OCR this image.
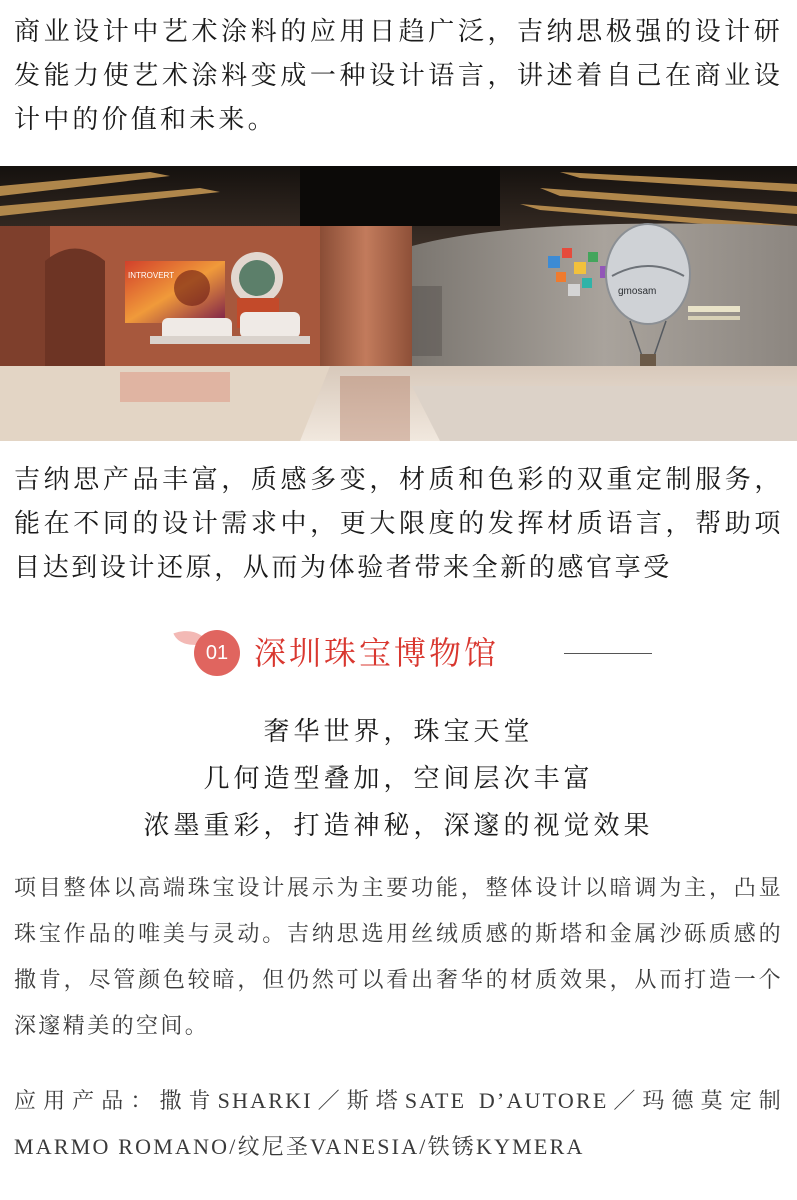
商业设计中艺术涂料的应用日趋广泛，吉纳思极强的设计研发能力使艺术涂料变成一种设计语言，讲述着自己在商业设计中的价值和未来。

INTROVERT
gmosam

吉纳思产品丰富，质感多变，材质和色彩的双重定制服务，能在不同的设计需求中，更大限度的发挥材质语言，帮助项目达到设计还原，从而为体验者带来全新的感官享受

01 深圳珠宝博物馆

奢华世界，珠宝天堂

几何造型叠加，空间层次丰富

浓墨重彩，打造神秘，深邃的视觉效果

项目整体以高端珠宝设计展示为主要功能，整体设计以暗调为主，凸显珠宝作品的唯美与灵动。吉纳思选用丝绒质感的斯塔和金属沙砾质感的撒肯，尽管颜色较暗，但仍然可以看出奢华的材质效果，从而打造一个深邃精美的空间。

应用产品：撒肯SHARKI／斯塔SATE D’AUTORE／玛德莫定制MARMO ROMANO/纹尼圣VANESIA/铁锈KYMERA
